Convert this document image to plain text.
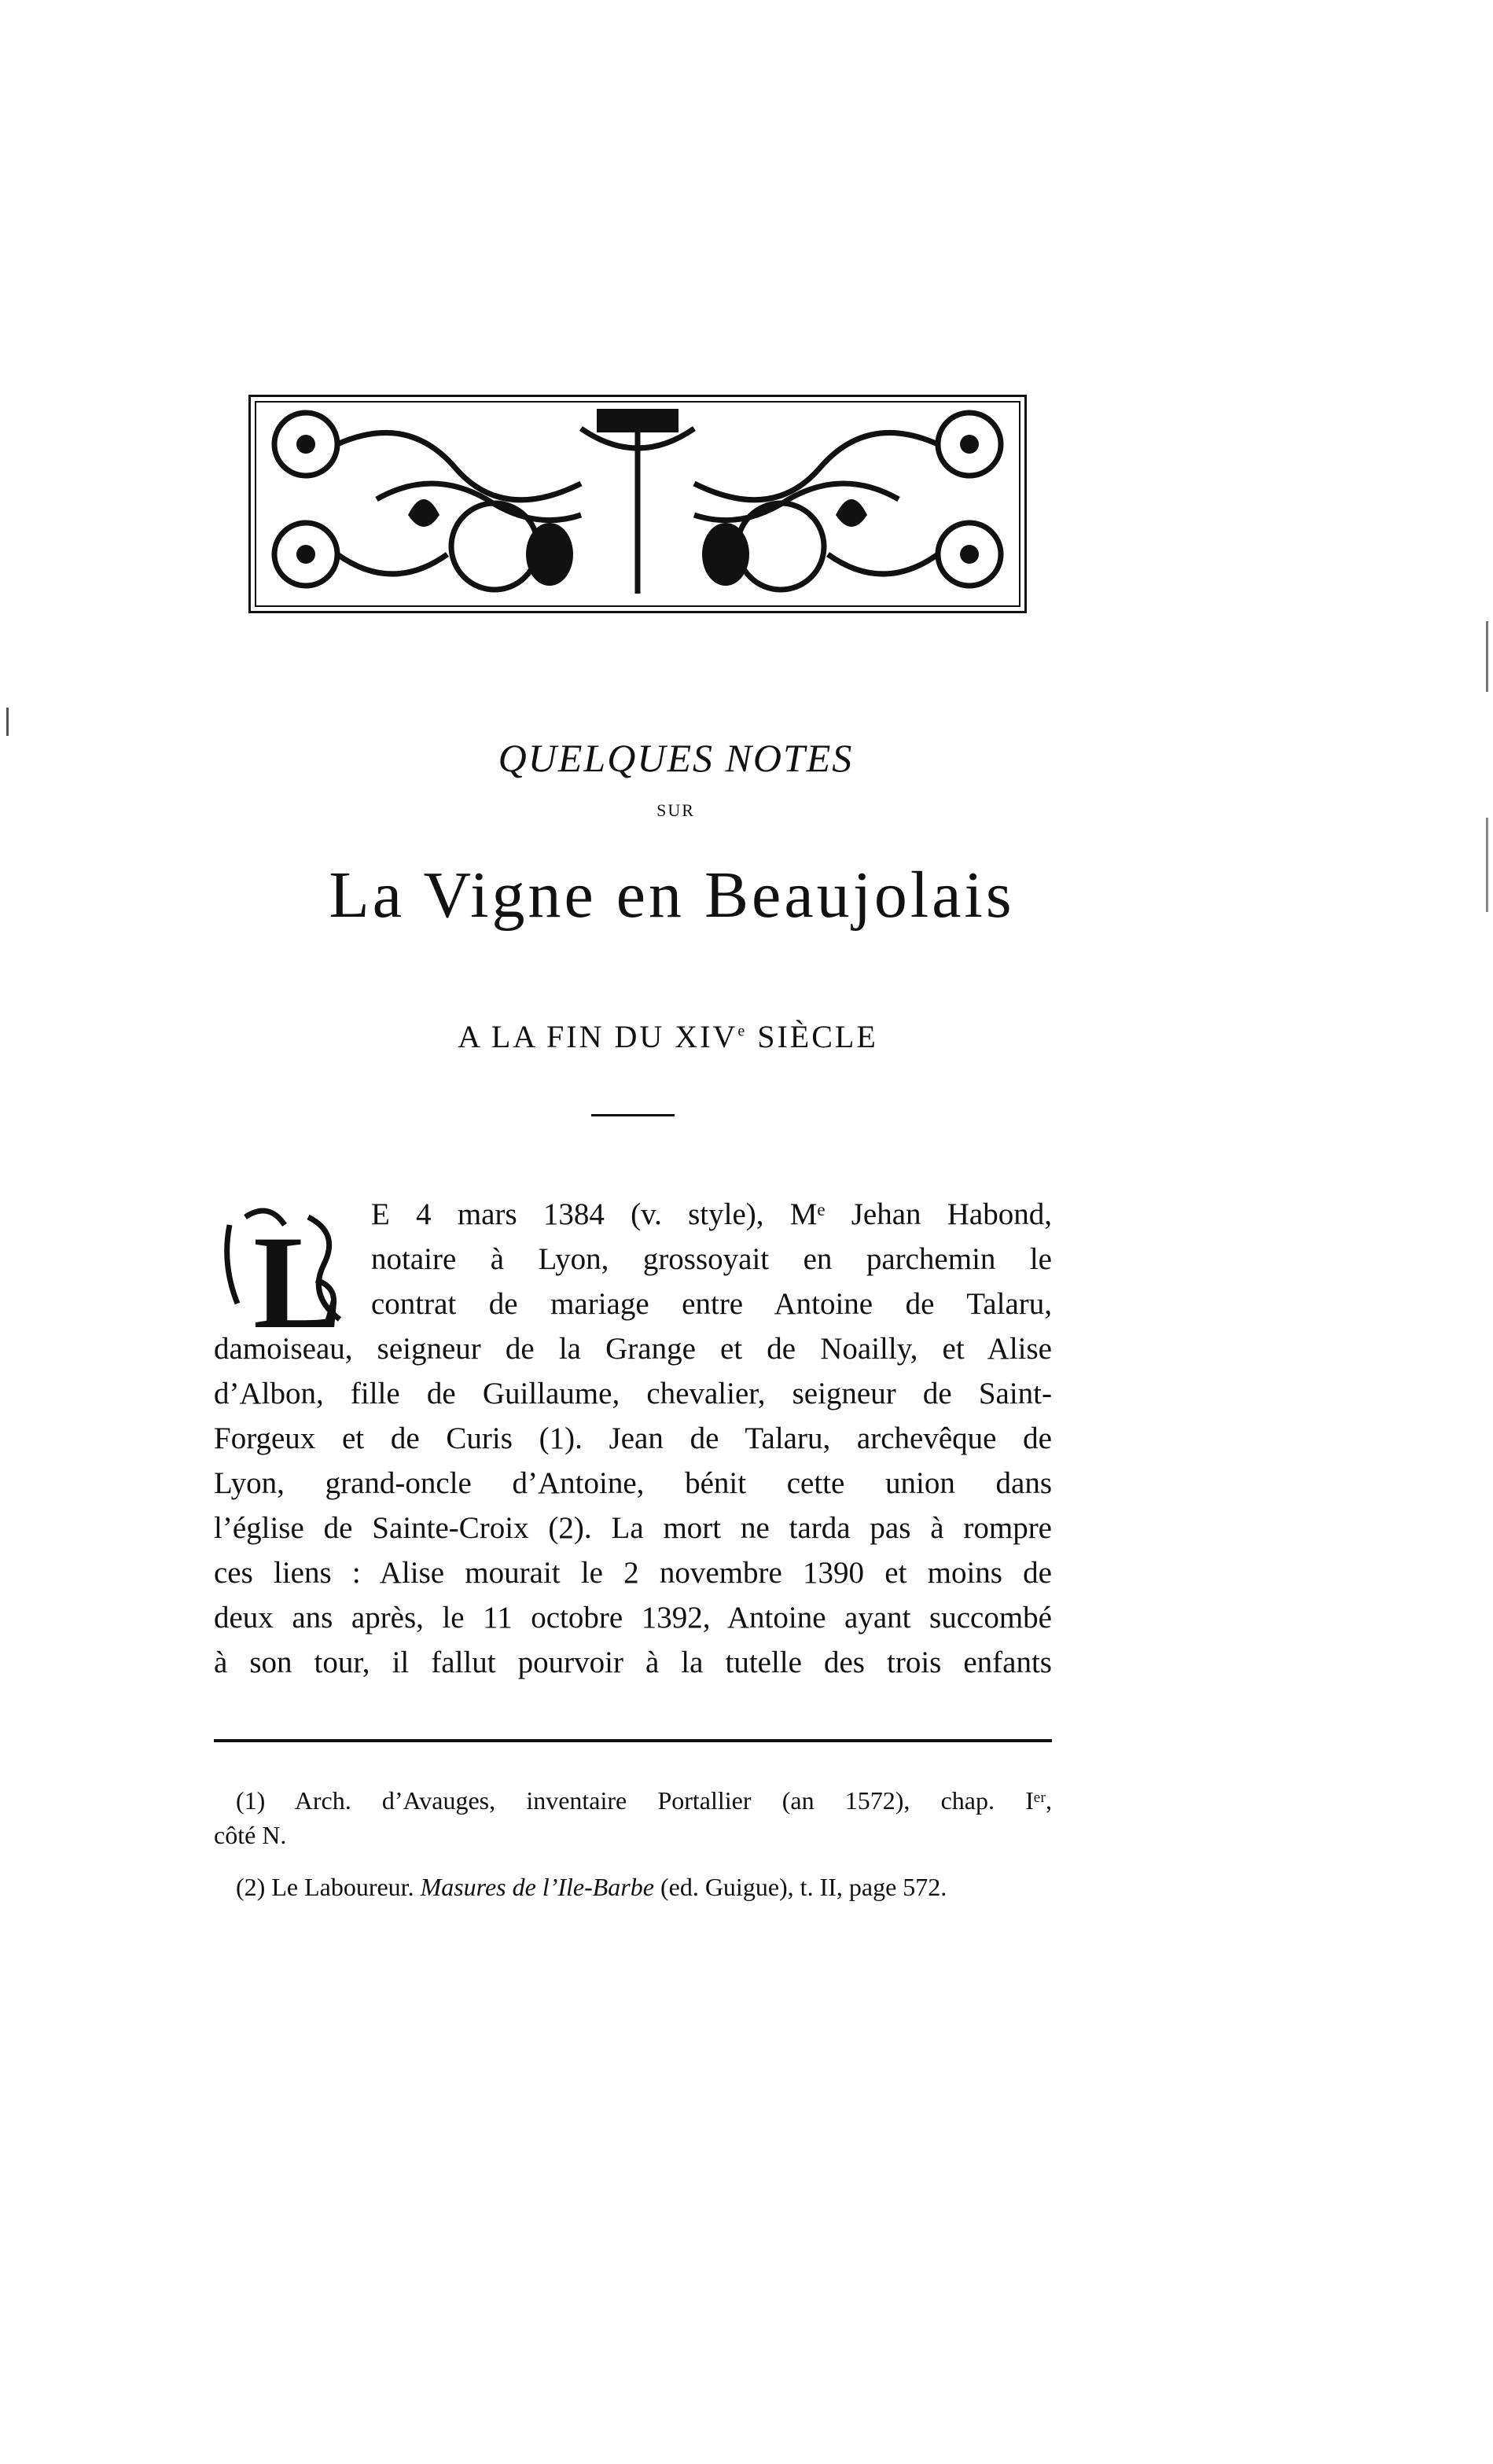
QUELQUES NOTES
SUR
La Vigne en Beaujolais
A LA FIN DU XIVe SIÈCLE
L E 4 mars 1384 (v. style), Mᵉ Jehan Habond,
notaire à Lyon, grossoyait en parchemin le
contrat de mariage entre Antoine de Talaru,
damoiseau, seigneur de la Grange et de Noailly, et Alise
d’Albon, fille de Guillaume, chevalier, seigneur de Saint-
Forgeux et de Curis (1). Jean de Talaru, archevêque de
Lyon, grand-oncle d’Antoine, bénit cette union dans
l’église de Sainte-Croix (2). La mort ne tarda pas à rompre
ces liens : Alise mourait le 2 novembre 1390 et moins de
deux ans après, le 11 octobre 1392, Antoine ayant succombé
à son tour, il fallut pourvoir à la tutelle des trois enfants
(1) Arch. d’Avauges, inventaire Portallier (an 1572), chap. Iᵉʳ,
côté N.
(2) Le Laboureur. Masures de l’Ile-Barbe (ed. Guigue), t. II, page 572.
